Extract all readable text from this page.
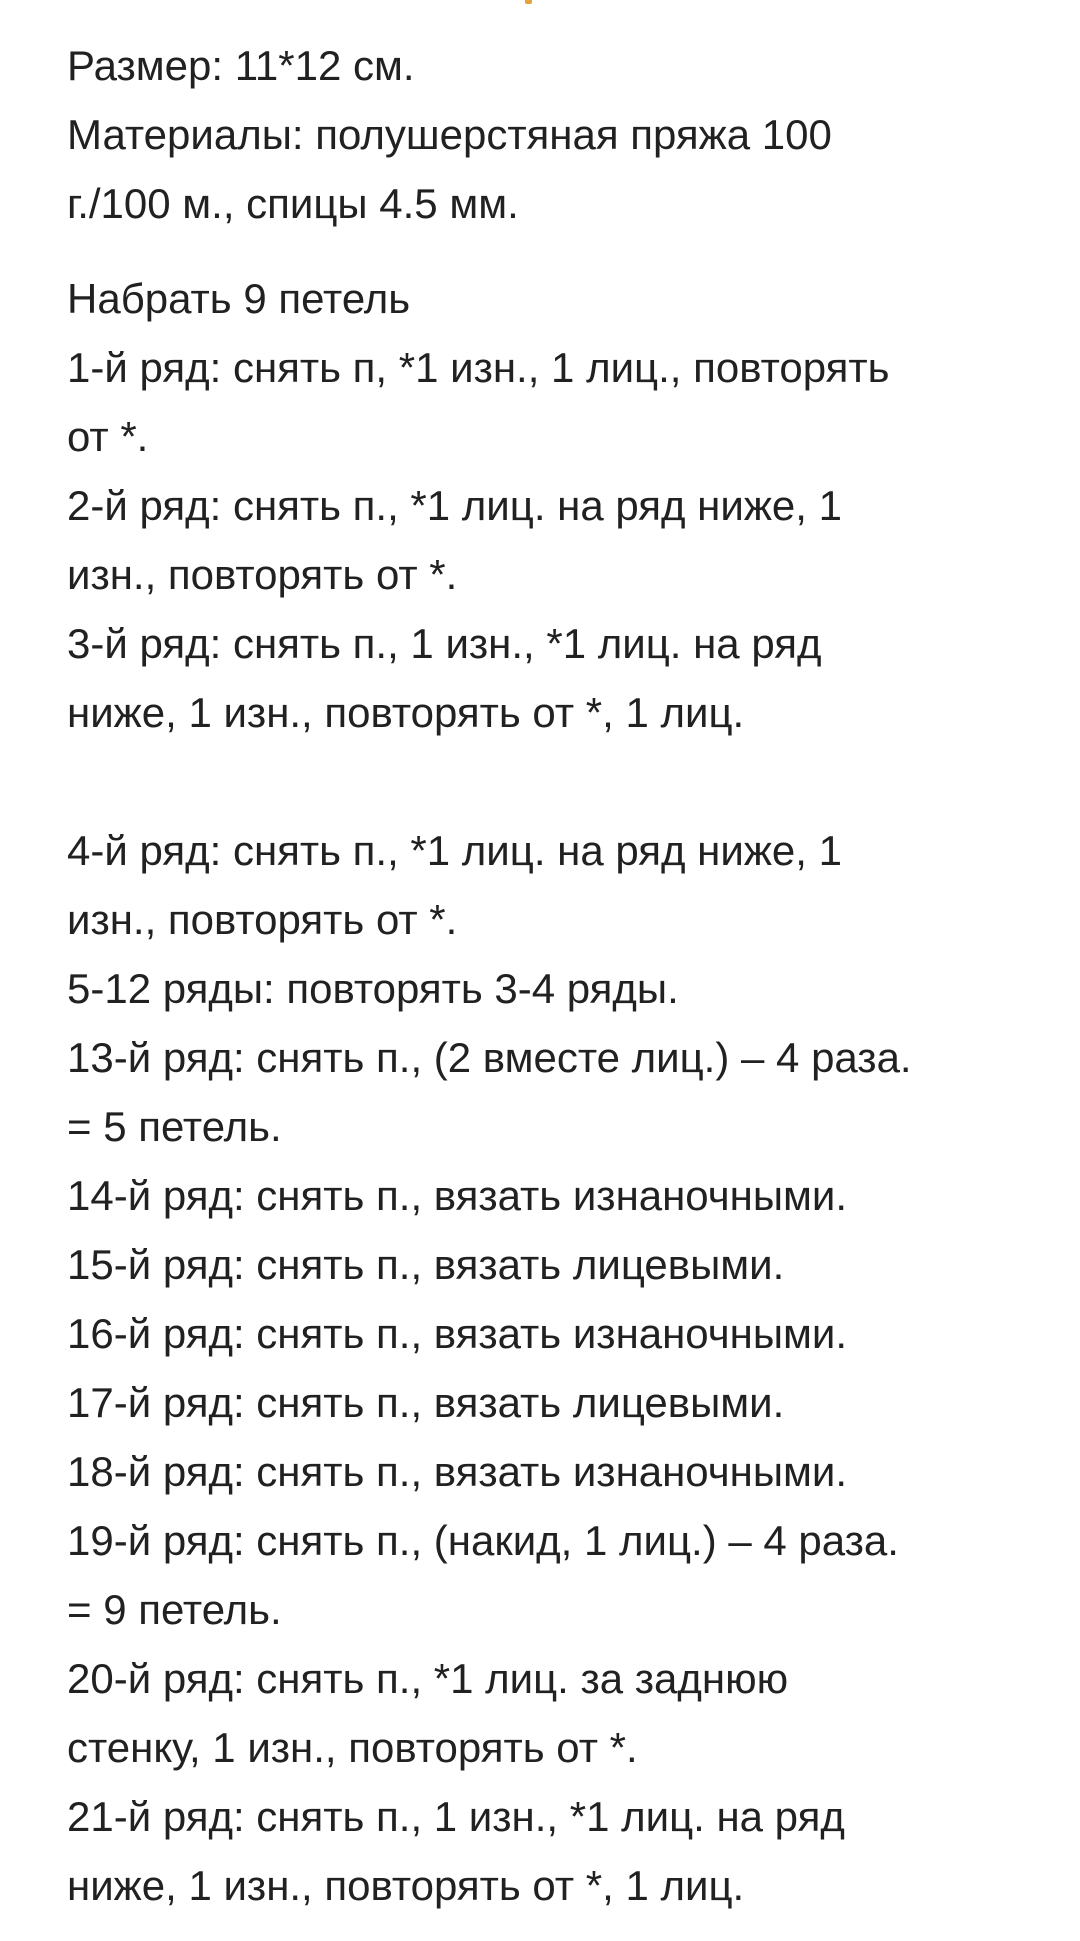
Размер: 11*12 см.
Материалы: полушерстяная пряжа 100
г./100 м., спицы 4.5 мм.
Набрать 9 петель
1-й ряд: снять п, *1 изн., 1 лиц., повторять
от *.
2-й ряд: снять п., *1 лиц. на ряд ниже, 1
изн., повторять от *.
3-й ряд: снять п., 1 изн., *1 лиц. на ряд
ниже, 1 изн., повторять от *, 1 лиц.
4-й ряд: снять п., *1 лиц. на ряд ниже, 1
изн., повторять от *.
5-12 ряды: повторять 3-4 ряды.
13-й ряд: снять п., (2 вместе лиц.) – 4 раза.
= 5 петель.
14-й ряд: снять п., вязать изнаночными.
15-й ряд: снять п., вязать лицевыми.
16-й ряд: снять п., вязать изнаночными.
17-й ряд: снять п., вязать лицевыми.
18-й ряд: снять п., вязать изнаночными.
19-й ряд: снять п., (накид, 1 лиц.) – 4 раза.
= 9 петель.
20-й ряд: снять п., *1 лиц. за заднюю
стенку, 1 изн., повторять от *.
21-й ряд: снять п., 1 изн., *1 лиц. на ряд
ниже, 1 изн., повторять от *, 1 лиц.
